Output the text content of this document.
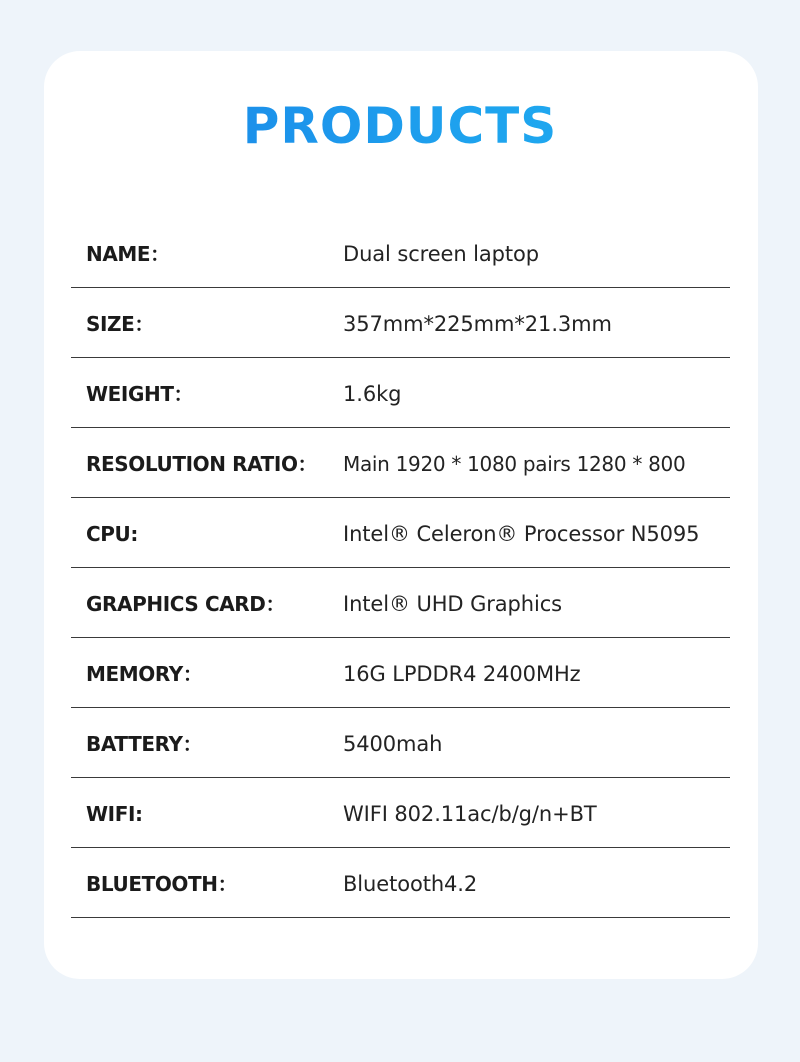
PRODUCTS
NAME：	Dual screen laptop
SIZE：	357mm*225mm*21.3mm
WEIGHT：	1.6kg
RESOLUTION RATIO： Main 1920 * 1080 pairs 1280 * 800
CPU:	Intel® Celeron® Processor N5095
GRAPHICS CARD：	Intel® UHD Graphics
MEMORY：	16G LPDDR4 2400MHz
BATTERY：	5400mah
WIFI:	WIFI 802.11ac/b/g/n+BT
BLUETOOTH：	Bluetooth4.2
